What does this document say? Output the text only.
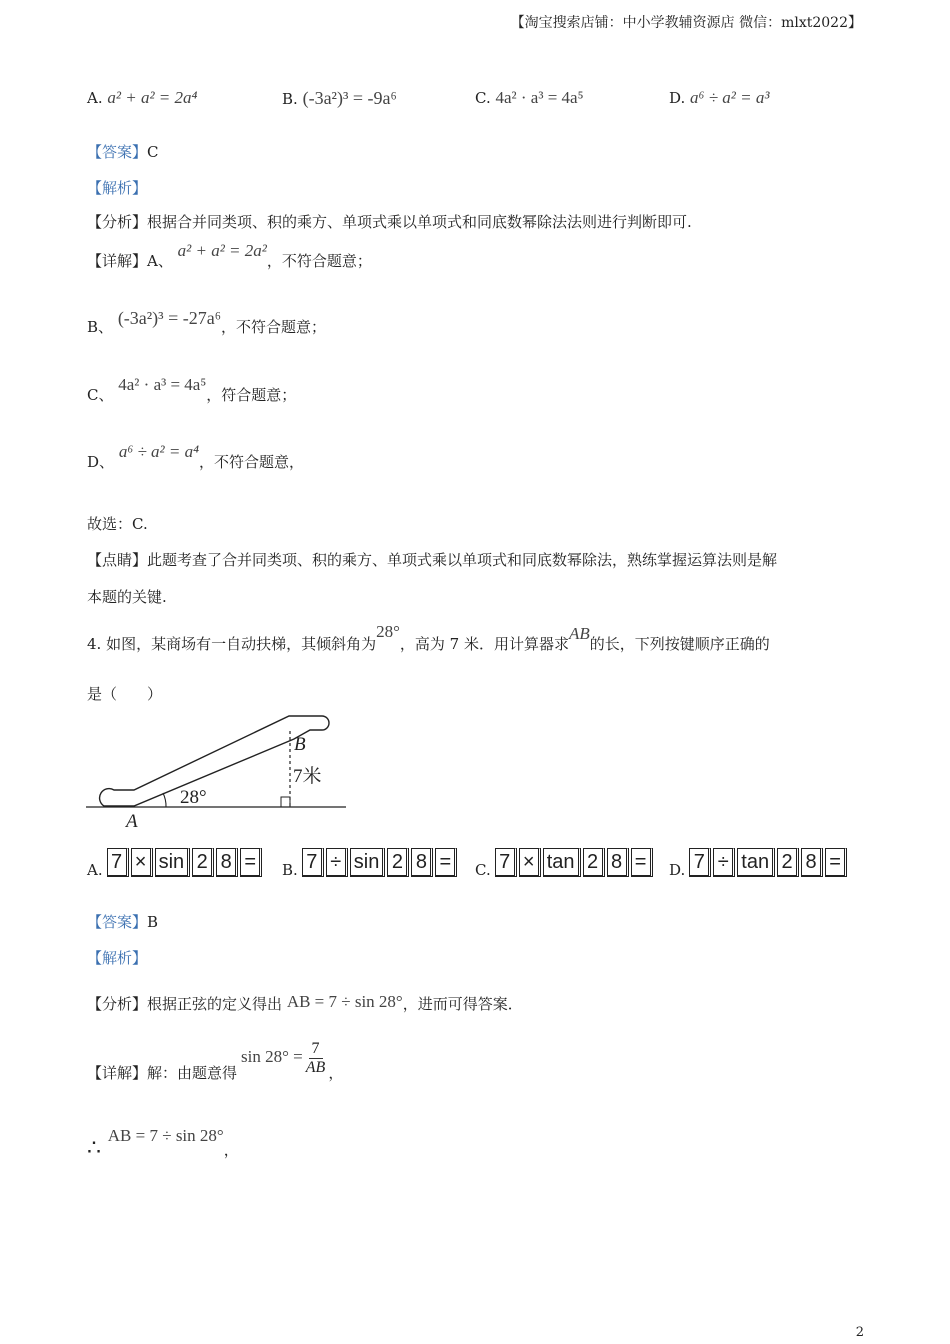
【淘宝搜索店铺：中小学教辅资源店 微信：mlxt2022】
A. a² + a² = 2a⁴	B. (-3a²)³ = -9a⁶	C. 4a² · a³ = 4a⁵	D. a⁶ ÷ a² = a³
【答案】C
【解析】
【分析】根据合并同类项、积的乘方、单项式乘以单项式和同底数幂除法法则进行判断即可.
【详解】A、 a² + a² = 2a²，不符合题意；
B、 (-3a²)³ = -27a⁶，不符合题意；
C、 4a² · a³ = 4a⁵，符合题意；
D、 a⁶ ÷ a² = a⁴，不符合题意，
故选：C.
【点睛】此题考查了合并同类项、积的乘方、单项式乘以单项式和同底数幂除法，熟练掌握运算法则是解
本题的关键.
4. 如图，某商场有一自动扶梯，其倾斜角为28°，高为 7 米．用计算器求AB的长，下列按键顺序正确的
是（　　）
A
B
28°
7米
A. 7 × sin 2 8 =	B. 7 ÷ sin 2 8 =	C. 7 × tan 2 8 =	D. 7 ÷ tan 2 8 =
【答案】B
【解析】
【分析】根据正弦的定义得出 AB = 7 ÷ sin 28°，进而可得答案．
【详解】 解：由题意得
$\sin 28^\circ = \frac{7}{AB}$ ，
∴ AB = 7 ÷ sin 28°，
2
